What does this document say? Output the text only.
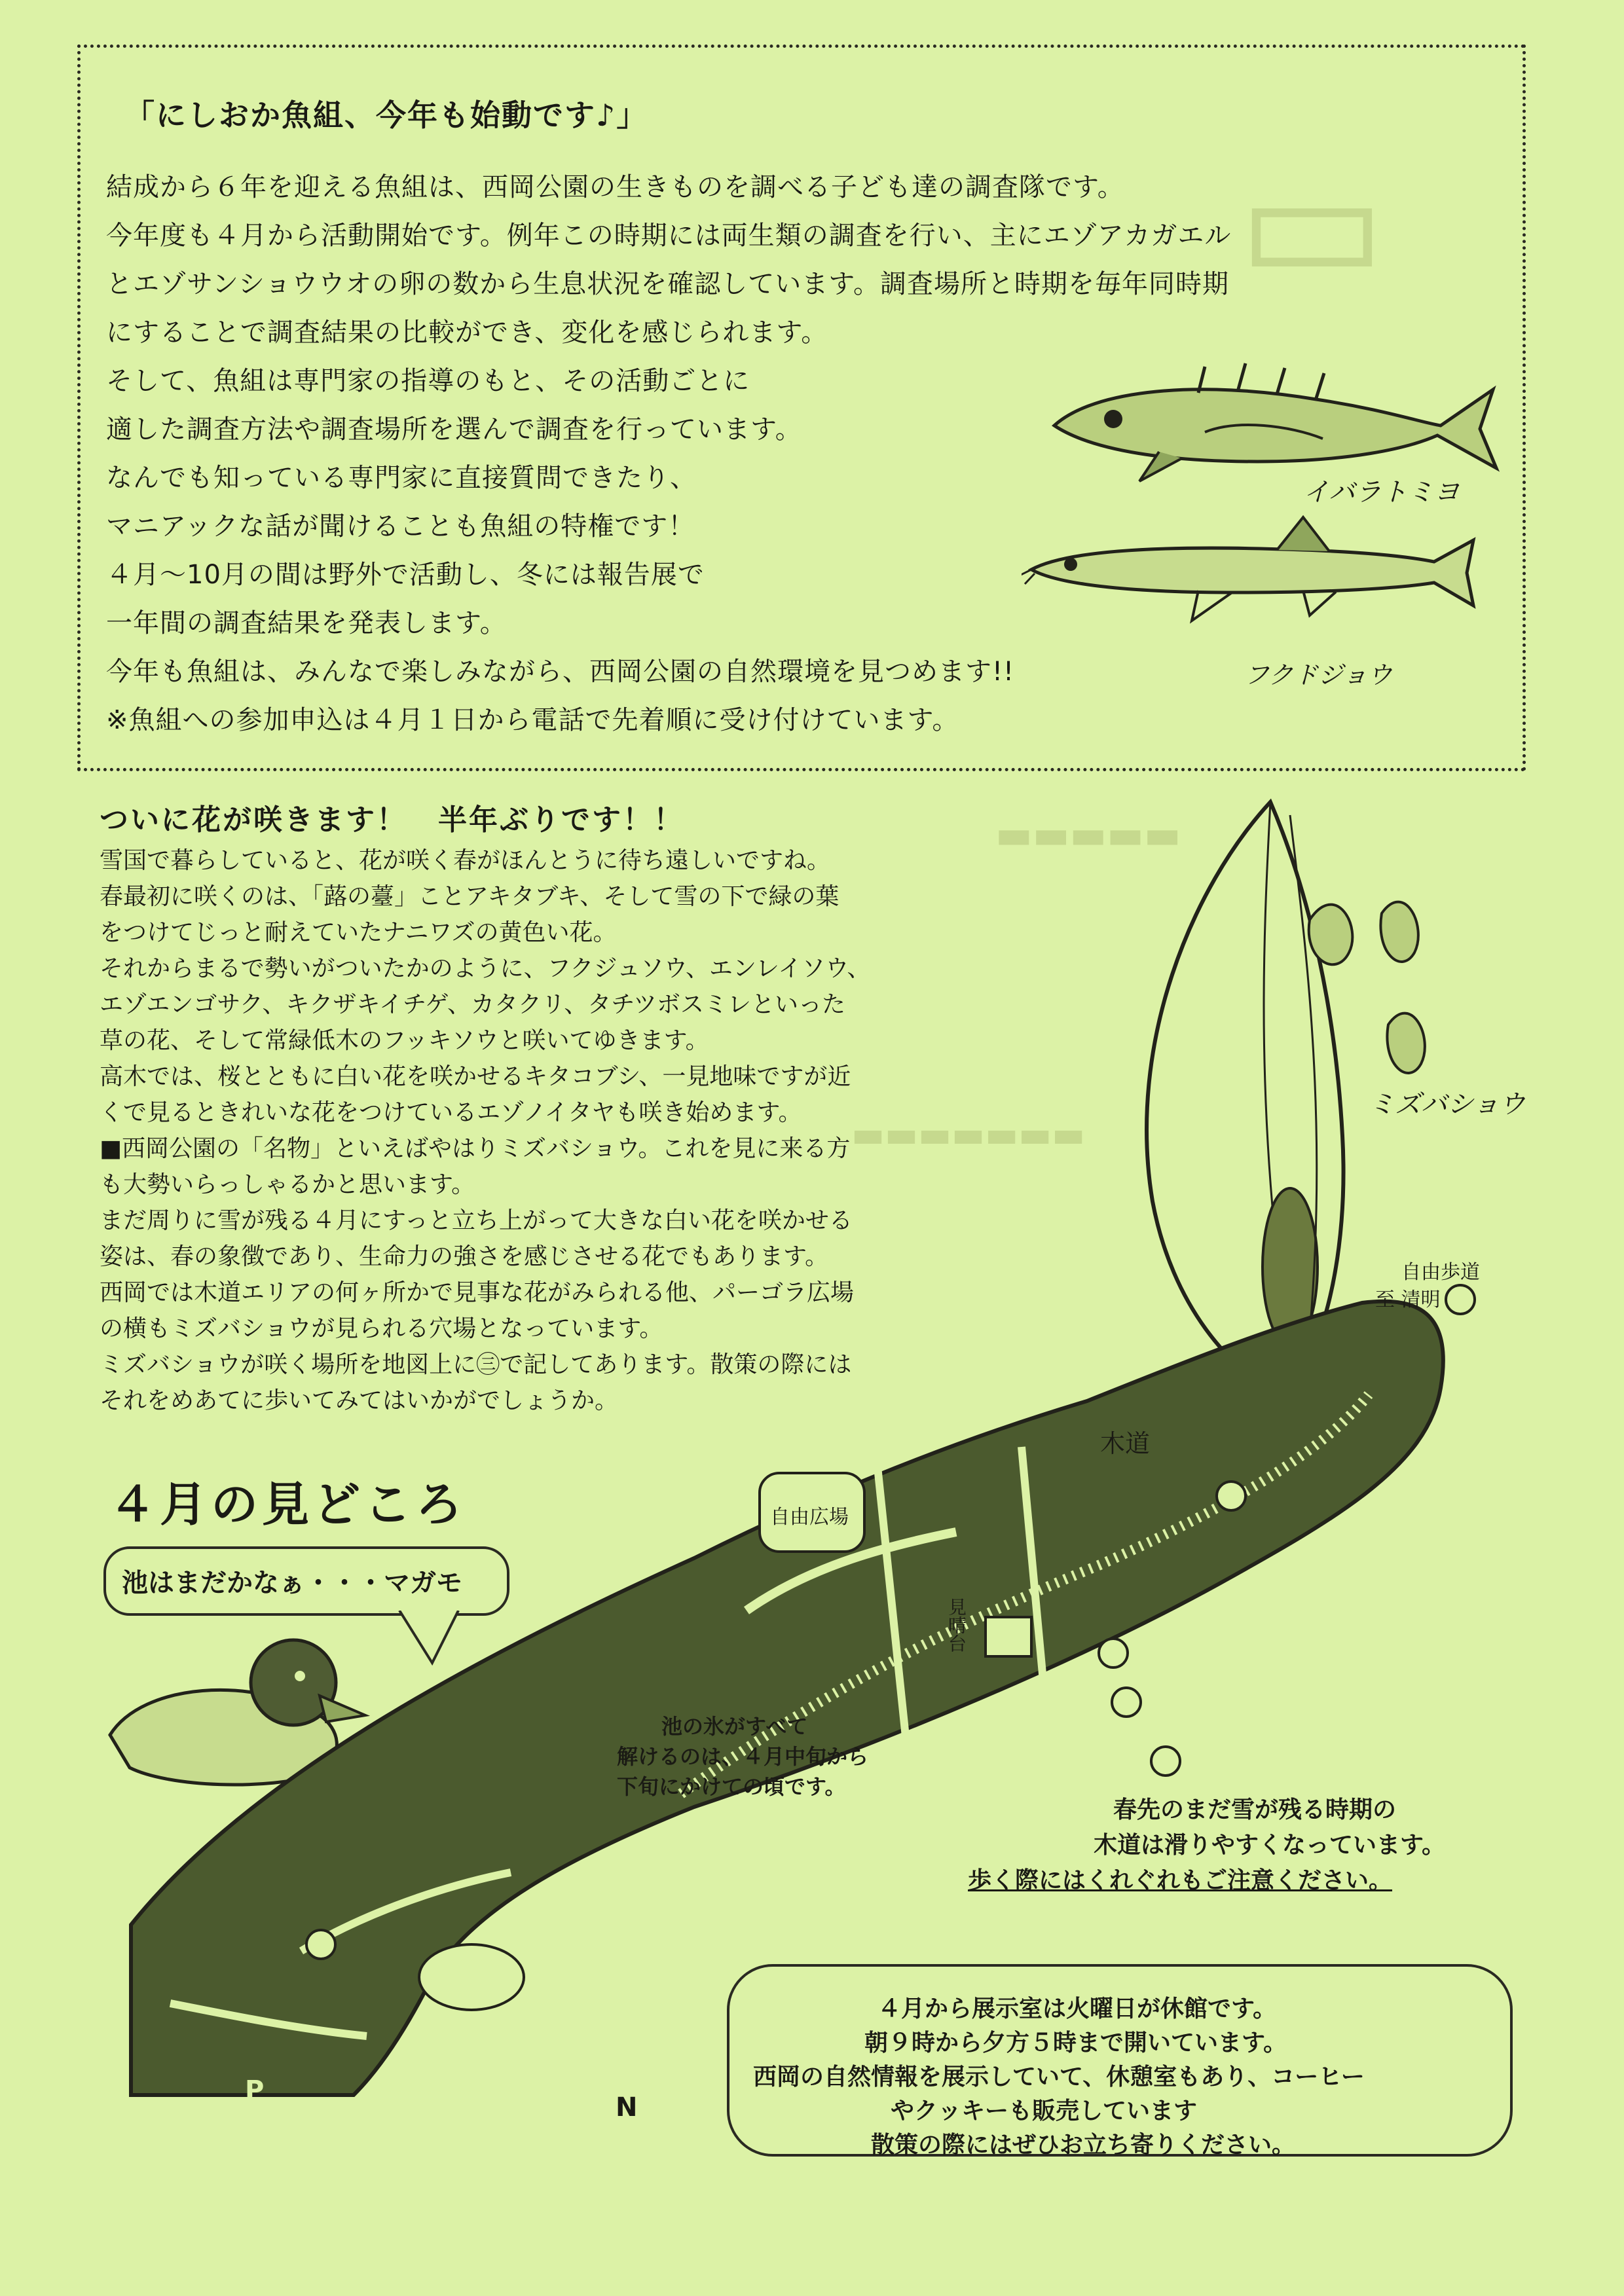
▭
▬▬▬▬▬
▬▬▬▬▬▬▬
「にしおか魚組、今年も始動です♪」
結成から６年を迎える魚組は、西岡公園の生きものを調べる子ども達の調査隊です。
今年度も４月から活動開始です。例年この時期には両生類の調査を行い、主にエゾアカガエル
とエゾサンショウウオの卵の数から生息状況を確認しています。調査場所と時期を毎年同時期
にすることで調査結果の比較ができ、変化を感じられます。
そして、魚組は専門家の指導のもと、その活動ごとに
適した調査方法や調査場所を選んで調査を行っています。
なんでも知っている専門家に直接質問できたり、
マニアックな話が聞けることも魚組の特権です！
４月～10月の間は野外で活動し、冬には報告展で
一年間の調査結果を発表します。
今年も魚組は、みんなで楽しみながら、西岡公園の自然環境を見つめます!!
※魚組への参加申込は４月１日から電話で先着順に受け付けています。
イバラトミヨ
フクドジョウ
ついに花が咲きます！　半年ぶりです！！
雪国で暮らしていると、花が咲く春がほんとうに待ち遠しいですね。
春最初に咲くのは、「蕗の薹」ことアキタブキ、そして雪の下で緑の葉
をつけてじっと耐えていたナニワズの黄色い花。
それからまるで勢いがついたかのように、フクジュソウ、エンレイソウ、
エゾエンゴサク、キクザキイチゲ、カタクリ、タチツボスミレといった
草の花、そして常緑低木のフッキソウと咲いてゆきます。
高木では、桜とともに白い花を咲かせるキタコブシ、一見地味ですが近
くで見るときれいな花をつけているエゾノイタヤも咲き始めます。
■西岡公園の「名物」といえばやはりミズバショウ。これを見に来る方
も大勢いらっしゃるかと思います。
まだ周りに雪が残る４月にすっと立ち上がって大きな白い花を咲かせる
姿は、春の象徴であり、生命力の強さを感じさせる花でもあります。
西岡では木道エリアの何ヶ所かで見事な花がみられる他、パーゴラ広場
の横もミズバショウが見られる穴場となっています。
ミズバショウが咲く場所を地図上に㊂で記してあります。散策の際には
それをめあてに歩いてみてはいかがでしょうか。
ミズバショウ
４月の見どころ
池はまだかなぁ・・・マガモ
自由歩道
至 清明
木道
自由広場
見晴台
P
N
池の氷がすべて
解けるのは、４月中旬から
下旬にかけての頃です。
春先のまだ雪が残る時期の
木道は滑りやすくなっています。
歩く際にはくれぐれもご注意ください。
４月から展示室は火曜日が休館です。
朝９時から夕方５時まで開いています。
西岡の自然情報を展示していて、休憩室もあり、コーヒー
やクッキーも販売しています
散策の際にはぜひお立ち寄りください。
